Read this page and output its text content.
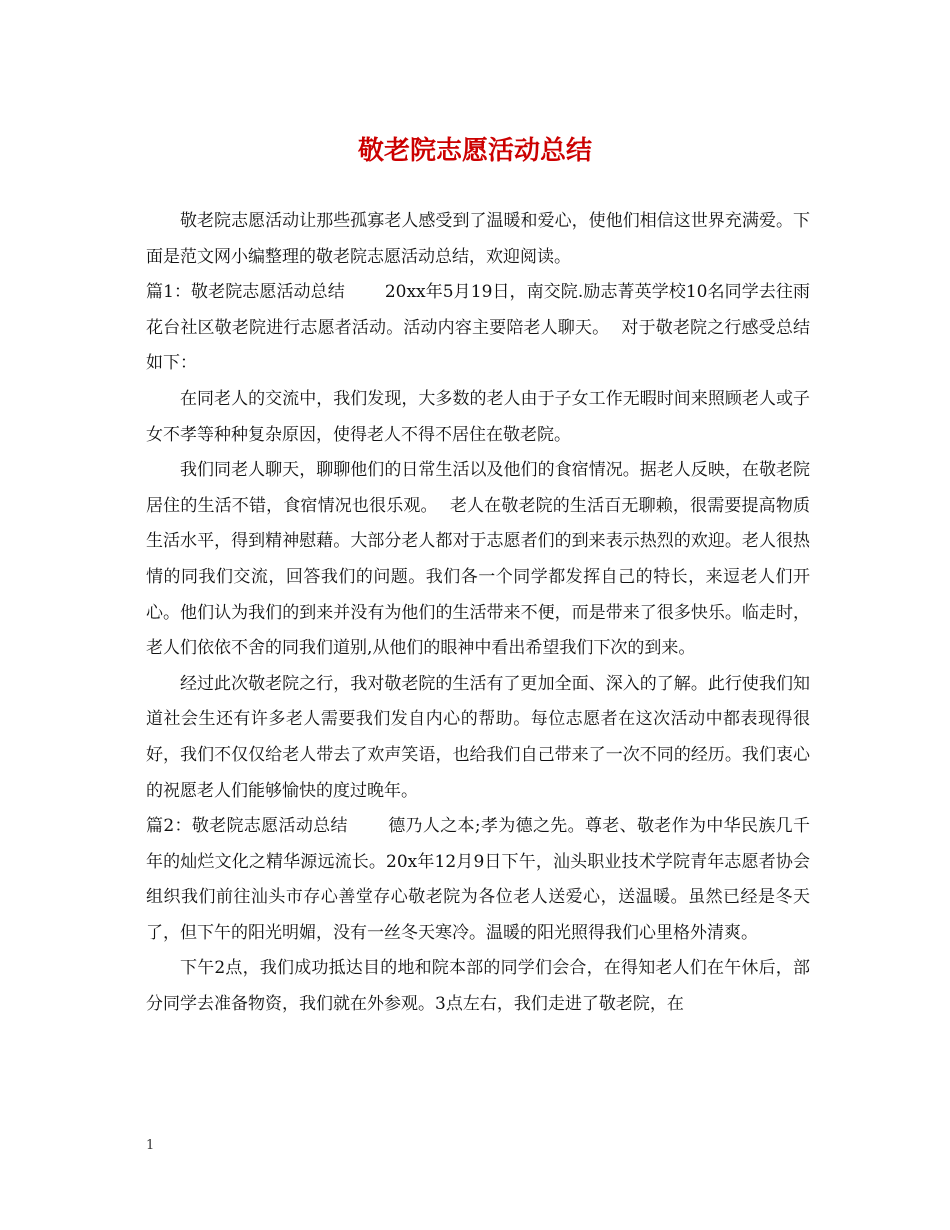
敬老院志愿活动总结

敬老院志愿活动让那些孤寡老人感受到了温暖和爱心，使他们相信这世界充满爱。下面是范文网小编整理的敬老院志愿活动总结，欢迎阅读。

篇1：敬老院志愿活动总结 20xx年5月19日，南交院.励志菁英学校10名同学去往雨花台社区敬老院进行志愿者活动。活动内容主要陪老人聊天。 对于敬老院之行感受总结如下：

在同老人的交流中，我们发现，大多数的老人由于子女工作无暇时间来照顾老人或子女不孝等种种复杂原因，使得老人不得不居住在敬老院。

我们同老人聊天，聊聊他们的日常生活以及他们的食宿情况。据老人反映，在敬老院居住的生活不错，食宿情况也很乐观。 老人在敬老院的生活百无聊赖，很需要提高物质生活水平，得到精神慰藉。大部分老人都对于志愿者们的到来表示热烈的欢迎。老人很热情的同我们交流，回答我们的问题。我们各一个同学都发挥自己的特长，来逗老人们开心。他们认为我们的到来并没有为他们的生活带来不便，而是带来了很多快乐。临走时，老人们依依不舍的同我们道别,从他们的眼神中看出希望我们下次的到来。

经过此次敬老院之行，我对敬老院的生活有了更加全面、深入的了解。此行使我们知道社会生还有许多老人需要我们发自内心的帮助。每位志愿者在这次活动中都表现得很好，我们不仅仅给老人带去了欢声笑语，也给我们自己带来了一次不同的经历。我们衷心的祝愿老人们能够愉快的度过晚年。

篇2：敬老院志愿活动总结 德乃人之本;孝为德之先。尊老、敬老作为中华民族几千年的灿烂文化之精华源远流长。20x年12月9日下午，汕头职业技术学院青年志愿者协会组织我们前往汕头市存心善堂存心敬老院为各位老人送爱心，送温暖。虽然已经是冬天了，但下午的阳光明媚，没有一丝冬天寒冷。温暖的阳光照得我们心里格外清爽。

下午2点，我们成功抵达目的地和院本部的同学们会合，在得知老人们在午休后，部分同学去准备物资，我们就在外参观。3点左右，我们走进了敬老院，在

1
